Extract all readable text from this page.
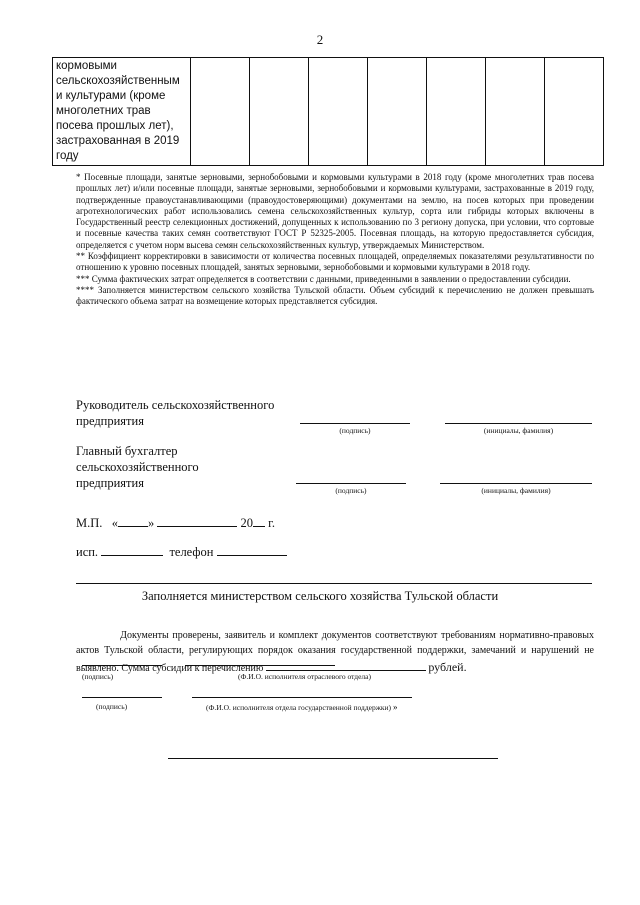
2
кормовыми сельскохозяйственным и культурами (кроме многолетних трав посева прошлых лет), застрахованная в 2019 году							

* Посевные площади, занятые зерновыми, зернобобовыми и кормовыми культурами в 2018 году (кроме многолетних трав посева прошлых лет) и/или посевные площади, занятые зерновыми, зернобобовыми и кормовыми культурами, застрахованные в 2019 году, подтвержденные правоустанавливающими (правоудостоверяющими) документами на землю, на посев которых при проведении агротехнологических работ использовались семена сельскохозяйственных культур, сорта или гибриды которых включены в Государственный реестр селекционных достижений, допущенных к использованию по 3 региону допуска, при условии, что сортовые и посевные качества таких семян соответствуют ГОСТ Р 52325-2005. Посевная площадь, на которую предоставляется субсидия, определяется с учетом норм высева семян сельскохозяйственных культур, утверждаемых Министерством.

** Коэффициент корректировки в зависимости от количества посевных площадей, определяемых показателями результативности по отношению к уровню посевных площадей, занятых зерновыми, зернобобовыми и кормовыми культурами в 2018 году.

*** Сумма фактических затрат определяется в соответствии с данными, приведенными в заявлении о предоставлении субсидии.

**** Заполняется министерством сельского хозяйства Тульской области. Объем субсидий к перечислению не должен превышать фактического объема затрат на возмещение которых представляется субсидия.

Руководитель сельскохозяйственного предприятия
(подпись)	(инициалы, фамилия)
Главный бухгалтер сельскохозяйственного предприятия
(подпись)	(инициалы, фамилия)
М.П. « »	20 г.
исп.	телефон
Заполняется министерством сельского хозяйства Тульской области
Документы проверены, заявитель и комплект документов соответствуют требованиям нормативно-правовых актов Тульской области, регулирующих порядок оказания государственной поддержки, замечаний и нарушений не выявлено. Сумма субсидии к перечислению	рублей.
(подпись)	(Ф.И.О. исполнителя отраслевого отдела)
(подпись)	(Ф.И.О. исполнителя отдела государственной поддержки) »
